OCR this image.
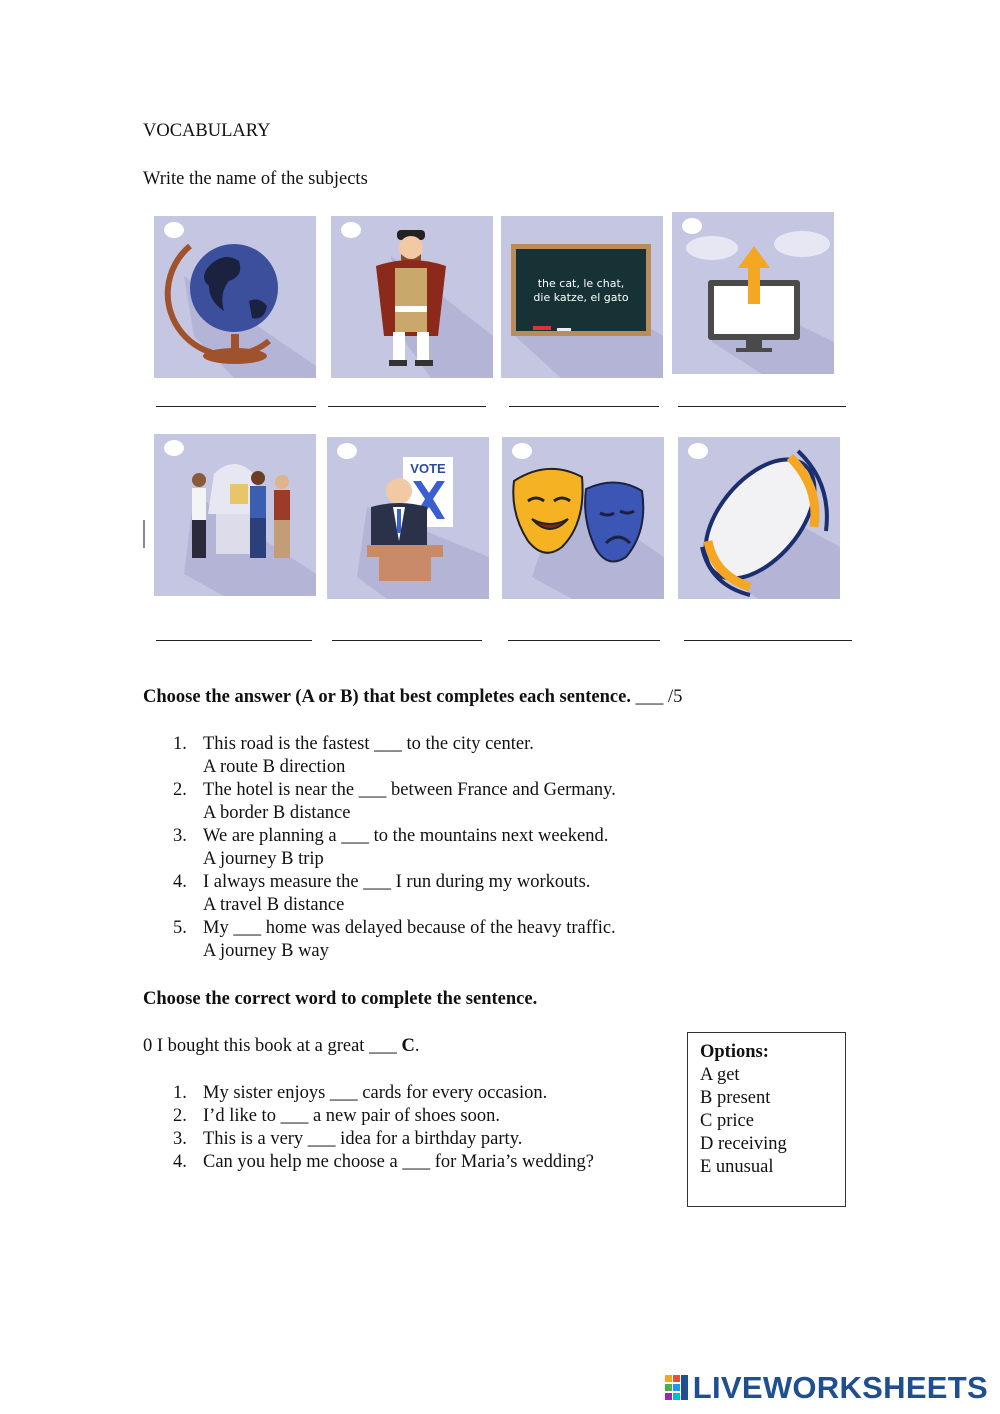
VOCABULARY
Write the name of the subjects
the cat, le chat,
die katze, el gato
VOTE
Choose the answer (A or B) that best completes each sentence. ___ /5
1. This road is the fastest ___ to the city center.
A route B direction
2. The hotel is near the ___ between France and Germany.
A border B distance
3. We are planning a ___ to the mountains next weekend.
A journey B trip
4. I always measure the ___ I run during my workouts.
A travel B distance
5. My ___ home was delayed because of the heavy traffic.
A journey B way
Choose the correct word to complete the sentence.
0 I bought this book at a great ___ C.
1. My sister enjoys ___ cards for every occasion.
2. I’d like to ___ a new pair of shoes soon.
3. This is a very ___ idea for a birthday party.
4. Can you help me choose a ___ for Maria’s wedding?
Options:
A get
B present
C price
D receiving
E unusual
LIVEWORKSHEETS
